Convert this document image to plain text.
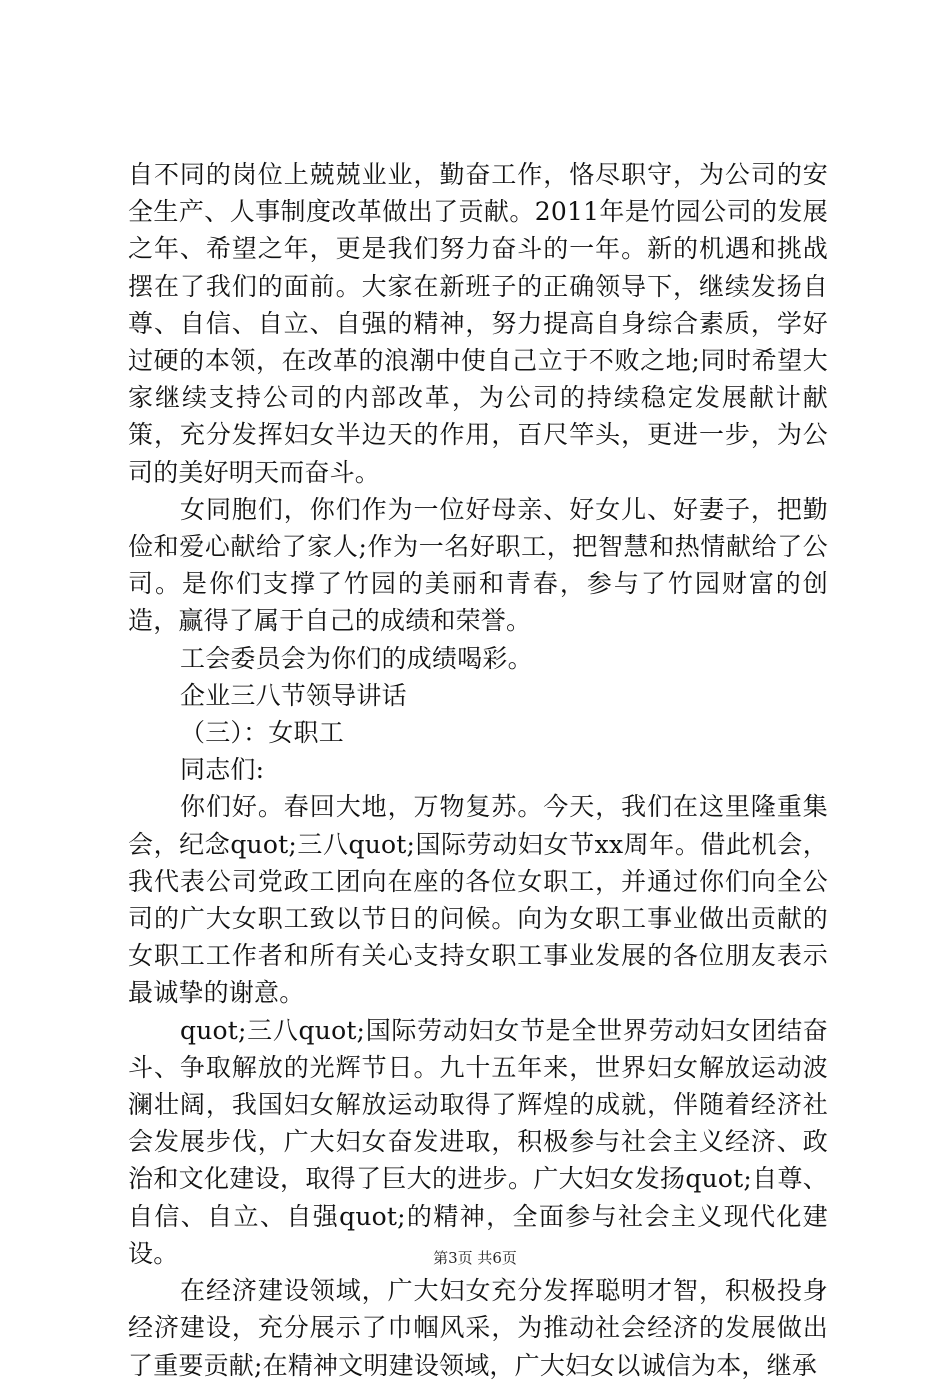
自不同的岗位上兢兢业业，勤奋工作，恪尽职守，为公司的安全生产、人事制度改革做出了贡献。2011年是竹园公司的发展之年、希望之年，更是我们努力奋斗的一年。新的机遇和挑战摆在了我们的面前。大家在新班子的正确领导下，继续发扬自尊、自信、自立、自强的精神，努力提高自身综合素质，学好过硬的本领，在改革的浪潮中使自己立于不败之地;同时希望大家继续支持公司的内部改革，为公司的持续稳定发展献计献策，充分发挥妇女半边天的作用，百尺竿头，更进一步，为公司的美好明天而奋斗。

女同胞们，你们作为一位好母亲、好女儿、好妻子，把勤俭和爱心献给了家人;作为一名好职工，把智慧和热情献给了公司。是你们支撑了竹园的美丽和青春，参与了竹园财富的创造，赢得了属于自己的成绩和荣誉。

工会委员会为你们的成绩喝彩。

企业三八节领导讲话

（三）：女职工

同志们:

你们好。春回大地，万物复苏。今天，我们在这里隆重集会，纪念quot;三八quot;国际劳动妇女节xx周年。借此机会，我代表公司党政工团向在座的各位女职工，并通过你们向全公司的广大女职工致以节日的问候。向为女职工事业做出贡献的女职工工作者和所有关心支持女职工事业发展的各位朋友表示最诚挚的谢意。

quot;三八quot;国际劳动妇女节是全世界劳动妇女团结奋斗、争取解放的光辉节日。九十五年来，世界妇女解放运动波澜壮阔，我国妇女解放运动取得了辉煌的成就，伴随着经济社会发展步伐，广大妇女奋发进取，积极参与社会主义经济、政治和文化建设，取得了巨大的进步。广大妇女发扬quot;自尊、自信、自立、自强quot;的精神，全面参与社会主义现代化建设。

在经济建设领域，广大妇女充分发挥聪明才智，积极投身经济建设，充分展示了巾帼风采，为推动社会经济的发展做出了重要贡献;在精神文明建设领域，广大妇女以诚信为本，继承

第3页 共6页
